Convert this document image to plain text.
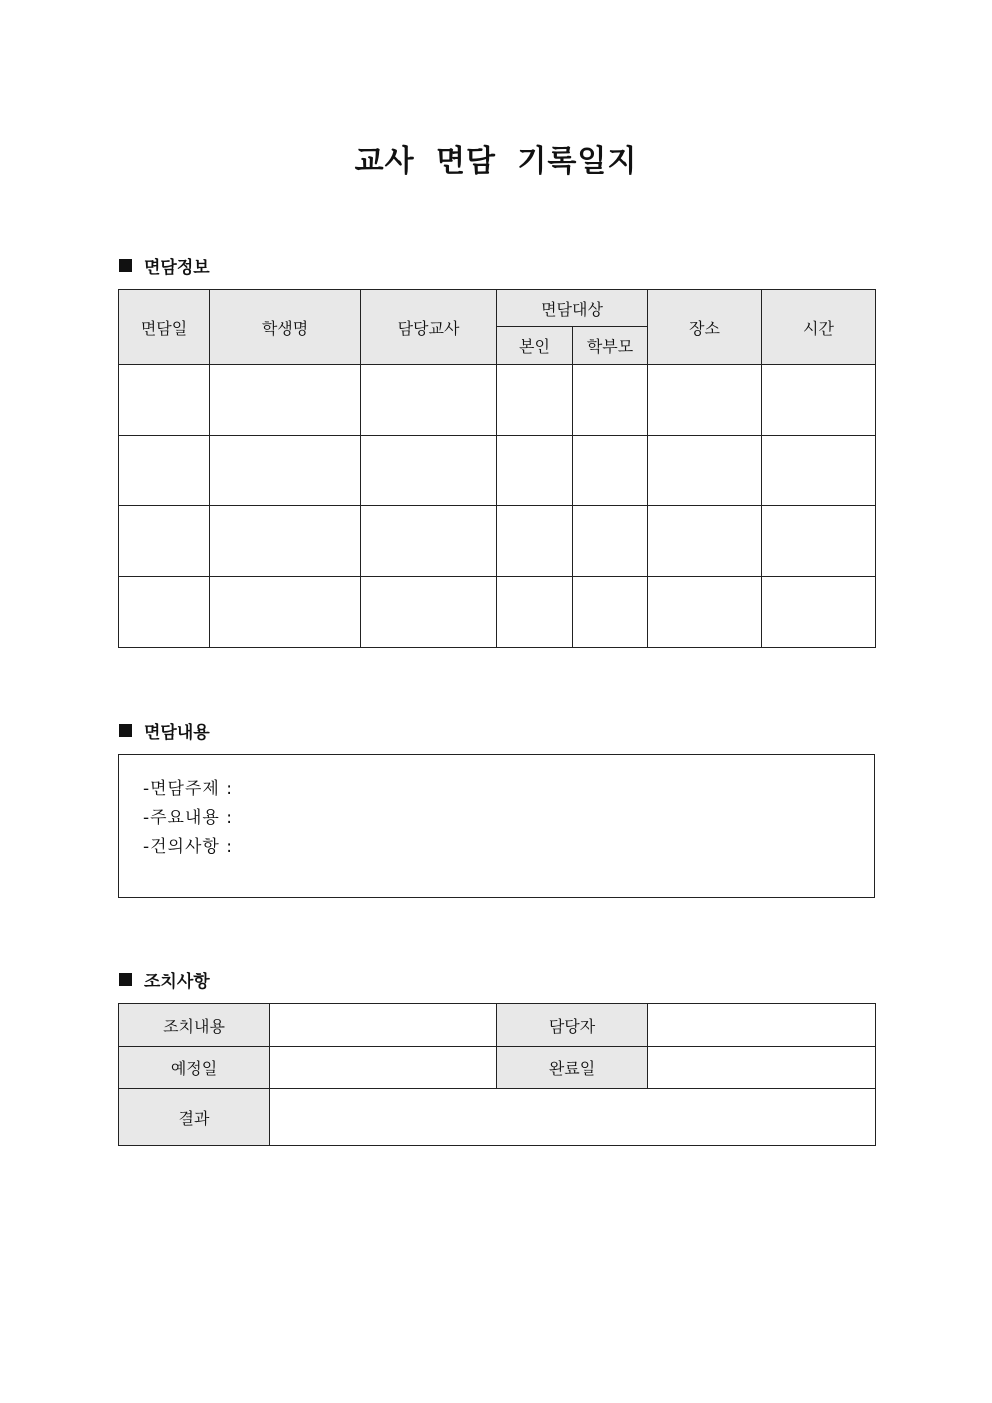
교사 면담 기록일지
면담정보
면담일	학생명	담당교사	면담대상		장소	시간
			본인	학부모		

면담내용
-면담주제 :
-주요내용 :
-건의사항 :
조치사항
조치내용		담당자	
예정일		완료일	
결과			
